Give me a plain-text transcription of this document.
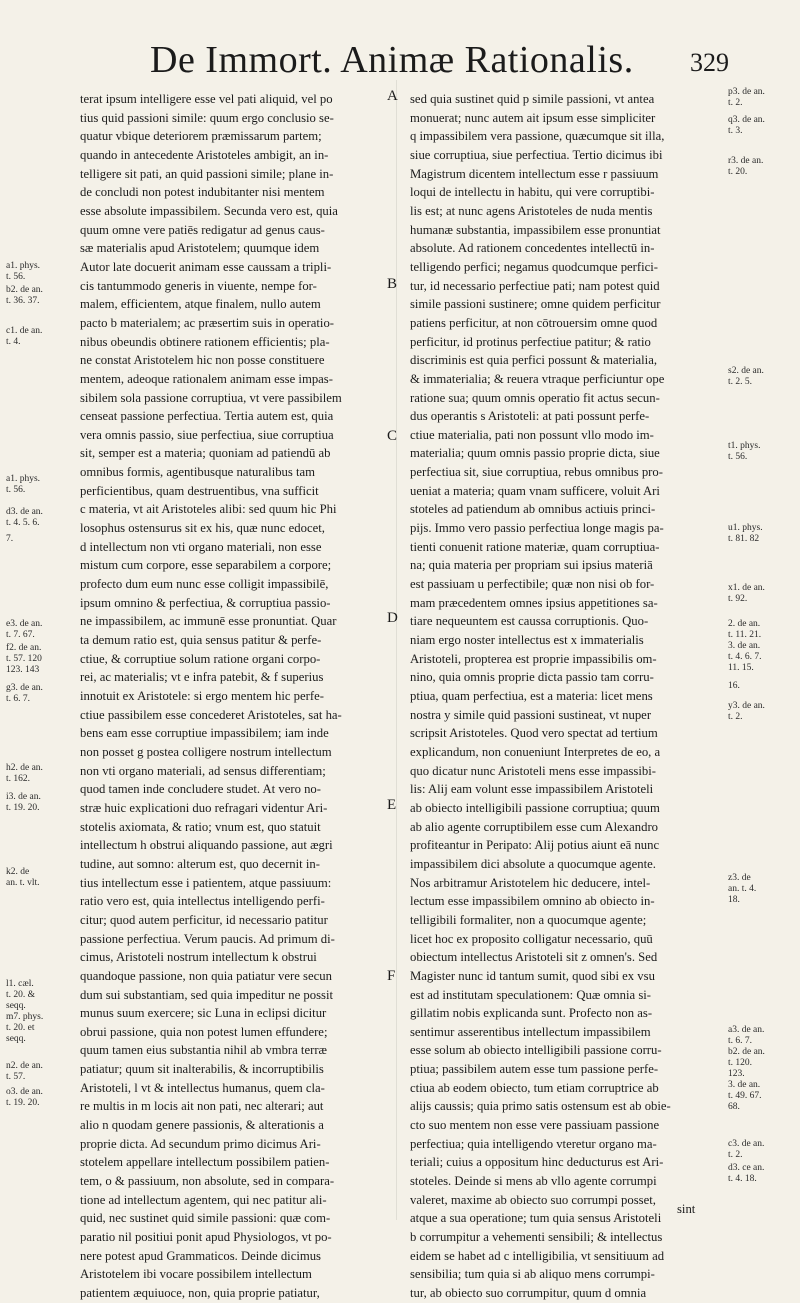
De Immort. Animæ Rationalis. 329
terat ipsum intelligere esse vel pati aliquid, vel po
tius quid passioni simile: quum ergo conclusio se-
quatur vbique deteriorem præmissarum partem;
quando in antecedente Aristoteles ambigit, an in-
telligere sit pati, an quid passioni simile; plane in-
de concludi non potest indubitanter nisi mentem
esse absolute impassibilem. Secunda vero est, quia
quum omne vere patiēs redigatur ad genus caus-
sæ materialis apud Aristotelem; quumque idem
Autor late docuerit animam esse caussam a tripli-
cis tantummodo generis in viuente, nempe for-
malem, efficientem, atque finalem, nullo autem
pacto b materialem; ac præsertim suis in operatio-
nibus obeundis obtinere rationem efficientis; pla-
ne constat Aristotelem hic non posse constituere
mentem, adeoque rationalem animam esse impas-
sibilem sola passione corruptiua, vt vere passibilem
censeat passione perfectiua. Tertia autem est, quia
vera omnis passio, siue perfectiua, siue corruptiua
sit, semper est a materia; quoniam ad patiendū ab
omnibus formis, agentibusque naturalibus tam
perficientibus, quam destruentibus, vna sufficit
c materia, vt ait Aristoteles alibi: sed quum hic Phi
losophus ostensurus sit ex his, quæ nunc edocet,
d intellectum non vti organo materiali, non esse
mistum cum corpore, esse separabilem a corpore;
profecto dum eum nunc esse colligit impassibilē,
ipsum omnino & perfectiua, & corruptiua passio-
ne impassibilem, ac immunē esse pronuntiat. Quar
ta demum ratio est, quia sensus patitur & perfe-
ctiue, & corruptiue solum ratione organi corpo-
rei, ac materialis; vt e infra patebit, & f superius
innotuit ex Aristotele: si ergo mentem hic perfe-
ctiue passibilem esse concederet Aristoteles, sat ha-
bens eam esse corruptiue impassibilem; iam inde
non posset g postea colligere nostrum intellectum
non vti organo materiali, ad sensus differentiam;
quod tamen inde concludere studet. At vero no-
stræ huic explicationi duo refragari videntur Ari-
stotelis axiomata, & ratio; vnum est, quo statuit
intellectum h obstrui aliquando passione, aut ægri
tudine, aut somno: alterum est, quo decernit in-
tius intellectum esse i patientem, atque passiuum:
ratio vero est, quia intellectus intelligendo perfi-
citur; quod autem perficitur, id necessario patitur
passione perfectiua. Verum paucis. Ad primum di-
cimus, Aristoteli nostrum intellectum k obstrui
quandoque passione, non quia patiatur vere secun
dum sui substantiam, sed quia impeditur ne possit
munus suum exercere; sic Luna in eclipsi dicitur
obrui passione, quia non potest lumen effundere;
quum tamen eius substantia nihil ab vmbra terræ
patiatur; quum sit inalterabilis, & incorruptibilis
Aristoteli, l vt & intellectus humanus, quem cla-
re multis in m locis ait non pati, nec alterari; aut
alio n quodam genere passionis, & alterationis a
proprie dicta. Ad secundum primo dicimus Ari-
stotelem appellare intellectum possibilem patien-
tem, o & passiuum, non absolute, sed in compara-
tione ad intellectum agentem, qui nec patitur ali-
quid, nec sustinet quid simile passioni: quæ com-
paratio nil positiui ponit apud Physiologos, vt po-
nere potest apud Grammaticos. Deinde dicimus
Aristotelem ibi vocare possibilem intellectum
patientem æquiuoce, non, quia proprie patiatur,
sed quia sustinet quid p simile passioni, vt antea
monuerat; nunc autem ait ipsum esse simpliciter
q impassibilem vera passione, quæcumque sit illa,
siue corruptiua, siue perfectiua. Tertio dicimus ibi
Magistrum dicentem intellectum esse r passiuum
loqui de intellectu in habitu, qui vere corruptibi-
lis est; at nunc agens Aristoteles de nuda mentis
humanæ substantia, impassibilem esse pronuntiat
absolute. Ad rationem concedentes intellectū in-
telligendo perfici; negamus quodcumque perfici-
tur, id necessario perfectiue pati; nam potest quid
simile passioni sustinere; omne quidem perficitur
patiens perficitur, at non cōtrouersim omne quod
perficitur, id protinus perfectiue patitur; & ratio
discriminis est quia perfici possunt & materialia,
& immaterialia; & reuera vtraque perficiuntur ope
ratione sua; quum omnis operatio fit actus secun-
dus operantis s Aristoteli: at pati possunt perfe-
ctiue materialia, pati non possunt vllo modo im-
materialia; quum omnis passio proprie dicta, siue
perfectiua sit, siue corruptiua, rebus omnibus pro-
ueniat a materia; quam vnam sufficere, voluit Ari
stoteles ad patiendum ab omnibus actiuis princi-
pijs. Immo vero passio perfectiua longe magis pa-
tienti conuenit ratione materiæ, quam corruptiua-
na; quia materia per propriam sui ipsius materiā
est passiuam u perfectibile; quæ non nisi ob for-
mam præcedentem omnes ipsius appetitiones sa-
tiare nequeuntem est caussa corruptionis. Quo-
niam ergo noster intellectus est x immaterialis
Aristoteli, propterea est proprie impassibilis om-
nino, quia omnis proprie dicta passio tam corru-
ptiua, quam perfectiua, est a materia: licet mens
nostra y simile quid passioni sustineat, vt nuper
scripsit Aristoteles. Quod vero spectat ad tertium
explicandum, non conueniunt Interpretes de eo, a
quo dicatur nunc Aristoteli mens esse impassibi-
lis: Alij eam volunt esse impassibilem Aristoteli
ab obiecto intelligibili passione corruptiua; quum
ab alio agente corruptibilem esse cum Alexandro
profiteantur in Peripato: Alij potius aiunt eā nunc
impassibilem dici absolute a quocumque agente.
Nos arbitramur Aristotelem hic deducere, intel-
lectum esse impassibilem omnino ab obiecto in-
telligibili formaliter, non a quocumque agente;
licet hoc ex proposito colligatur necessario, quū
obiectum intellectus Aristoteli sit z omnen's. Sed
Magister nunc id tantum sumit, quod sibi ex vsu
est ad institutam speculationem: Quæ omnia si-
gillatim nobis explicanda sunt. Profecto non as-
sentimur asserentibus intellectum impassibilem
esse solum ab obiecto intelligibili passione corru-
ptiua; passibilem autem esse tum passione perfe-
ctiua ab eodem obiecto, tum etiam corruptrice ab
alijs caussis; quia primo satis ostensum est ab obie-
cto suo mentem non esse vere passiuam passione
perfectiua; quia intelligendo vteretur organo ma-
teriali; cuius a oppositum hinc deducturus est Ari-
stoteles. Deinde si mens ab vllo agente corrumpi
valeret, maxime ab obiecto suo corrumpi posset,
atque a sua operatione; tum quia sensus Aristoteli
b corrumpitur a vehementi sensibili; & intellectus
eidem se habet ad c intelligibilia, vt sensitiuum ad
sensibilia; tum quia si ab aliquo mens corrumpi-
tur, ab obiecto suo corrumpitur, quum d omnia
A
B
C
D
E
F
a1. phys.
t. 56.
b2. de an.
t. 36. 37.
c1. de an.
t. 4.
a1. phys.
t. 56.
d3. de an.
t. 4. 5. 6.
7.
e3. de an.
t. 7. 67.
f2. de an.
t. 57. 120
123. 143
g3. de an.
t. 6. 7.
h2. de an.
t. 162.
i3. de an.
t. 19. 20.
k2. de
an. t. vlt.
l1. cæl.
t. 20. &
seqq.
m7. phys.
t. 20. et
seqq.
n2. de an.
t. 57.
o3. de an.
t. 19. 20.
p3. de an.
t. 2.
q3. de an.
t. 3.
r3. de an.
t. 20.
s2. de an.
t. 2. 5.
t1. phys.
t. 56.
u1. phys.
t. 81. 82
x1. de an.
t. 92.
2. de an.
t. 11. 21.
3. de an.
t. 4. 6. 7.
11. 15.
16.
y3. de an.
t. 2.
z3. de
an. t. 4.
18.
a3. de an.
t. 6. 7.
b2. de an.
t. 120.
123.
3. de an.
t. 49. 67.
68.
c3. de an.
t. 2.
d3. ce an.
t. 4. 18.
sint
